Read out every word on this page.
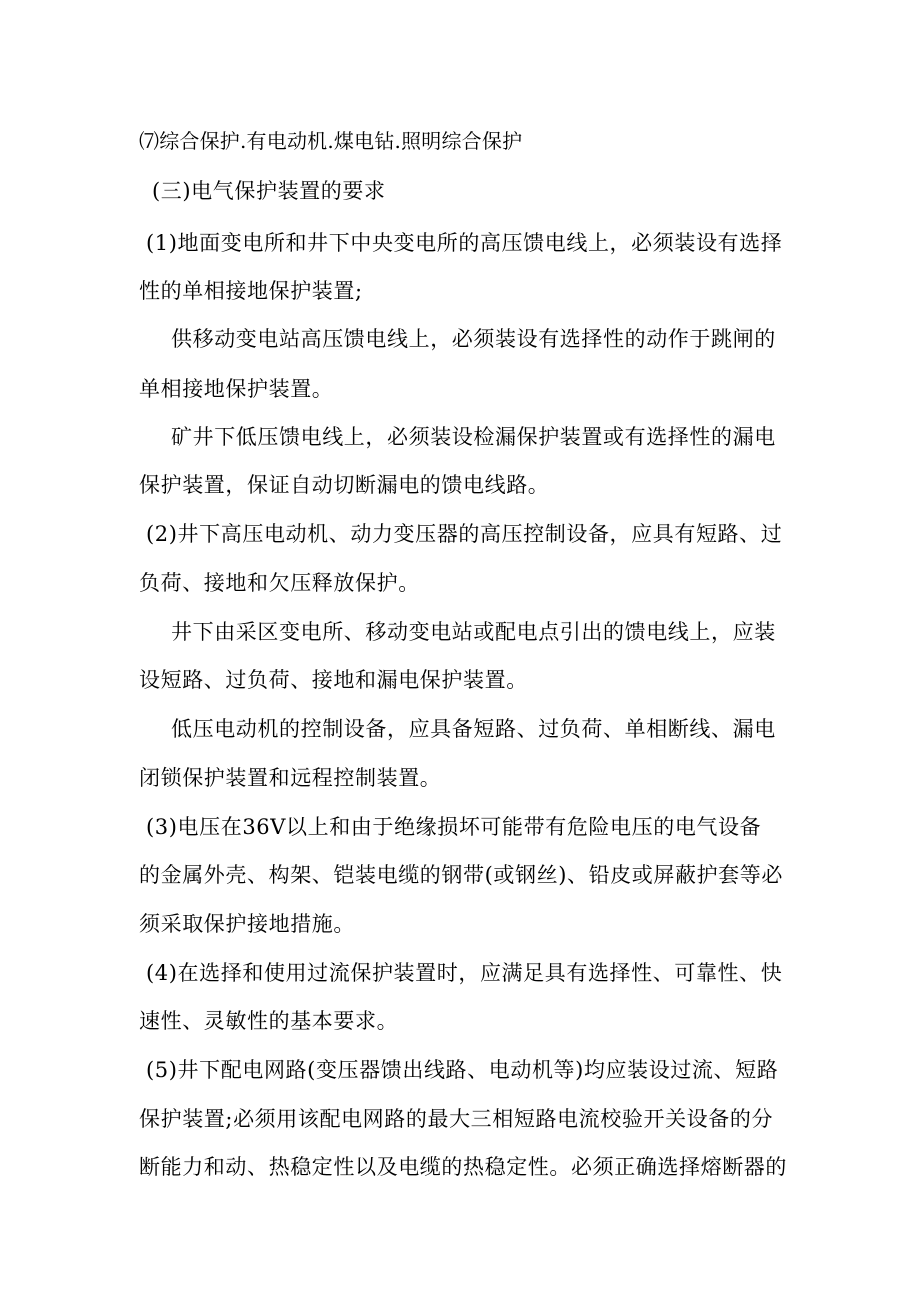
⑺综合保护.有电动机.煤电钻.照明综合保护
(三)电气保护装置的要求
(1)地面变电所和井下中央变电所的高压馈电线上，必须装设有选择
性的单相接地保护装置;
供移动变电站高压馈电线上，必须装设有选择性的动作于跳闸的
单相接地保护装置。
矿井下低压馈电线上，必须装设检漏保护装置或有选择性的漏电
保护装置，保证自动切断漏电的馈电线路。
(2)井下高压电动机、动力变压器的高压控制设备，应具有短路、过
负荷、接地和欠压释放保护。
井下由采区变电所、移动变电站或配电点引出的馈电线上，应装
设短路、过负荷、接地和漏电保护装置。
低压电动机的控制设备，应具备短路、过负荷、单相断线、漏电
闭锁保护装置和远程控制装置。
(3)电压在36V以上和由于绝缘损坏可能带有危险电压的电气设备
的金属外壳、构架、铠装电缆的钢带(或钢丝)、铅皮或屏蔽护套等必
须采取保护接地措施。
(4)在选择和使用过流保护装置时，应满足具有选择性、可靠性、快
速性、灵敏性的基本要求。
(5)井下配电网路(变压器馈出线路、电动机等)均应装设过流、短路
保护装置;必须用该配电网路的最大三相短路电流校验开关设备的分
断能力和动、热稳定性以及电缆的热稳定性。必须正确选择熔断器的
